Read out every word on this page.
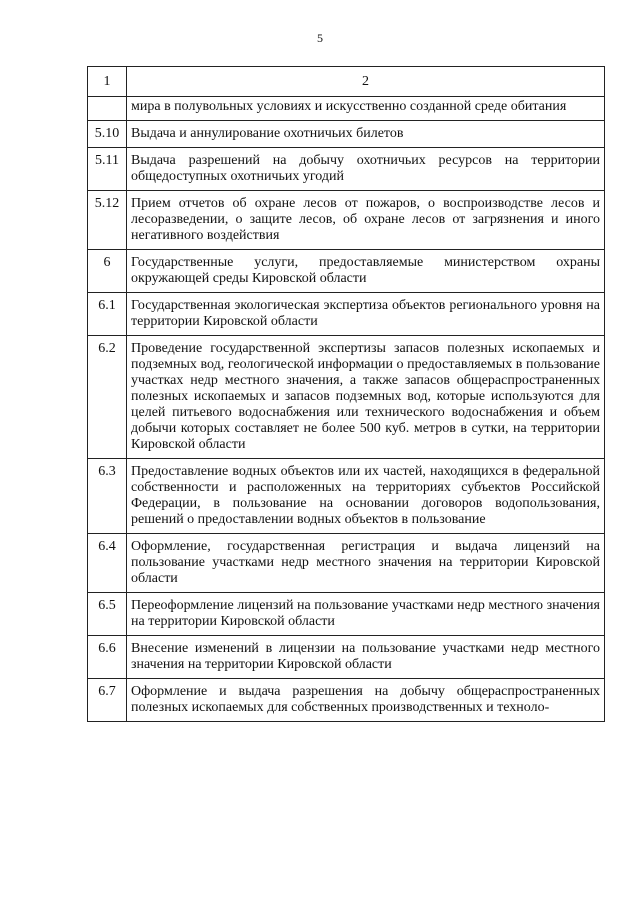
5
1	2
	мира в полувольных условиях и искусственно созданной среде обитания
5.10	Выдача и аннулирование охотничьих билетов
5.11	Выдача разрешений на добычу охотничьих ресурсов на территории общедоступных охотничьих угодий
5.12	Прием отчетов об охране лесов от пожаров, о воспроизводстве лесов и лесоразведении, о защите лесов, об охране лесов от загрязнения и иного негативного воздействия
6	Государственные услуги, предоставляемые министерством охраны окружающей среды Кировской области
6.1	Государственная экологическая экспертиза объектов регионального уровня на территории Кировской области
6.2	Проведение государственной экспертизы запасов полезных ископаемых и подземных вод, геологической информации о предоставляемых в пользование участках недр местного значения, а также запасов общераспространенных полезных ископаемых и запасов подземных вод, которые используются для целей питьевого водоснабжения или технического водоснабжения и объем добычи которых составляет не более 500 куб. метров в сутки, на территории Кировской области
6.3	Предоставление водных объектов или их частей, находящихся в федеральной собственности и расположенных на территориях субъектов Российской Федерации, в пользование на основании договоров водопользования, решений о предоставлении водных объектов в пользование
6.4	Оформление, государственная регистрация и выдача лицензий на пользование участками недр местного значения на территории Кировской области
6.5	Переоформление лицензий на пользование участками недр местного значения на территории Кировской области
6.6	Внесение изменений в лицензии на пользование участками недр местного значения на территории Кировской области
6.7	Оформление и выдача разрешения на добычу общераспространенных полезных ископаемых для собственных производственных и техноло-
